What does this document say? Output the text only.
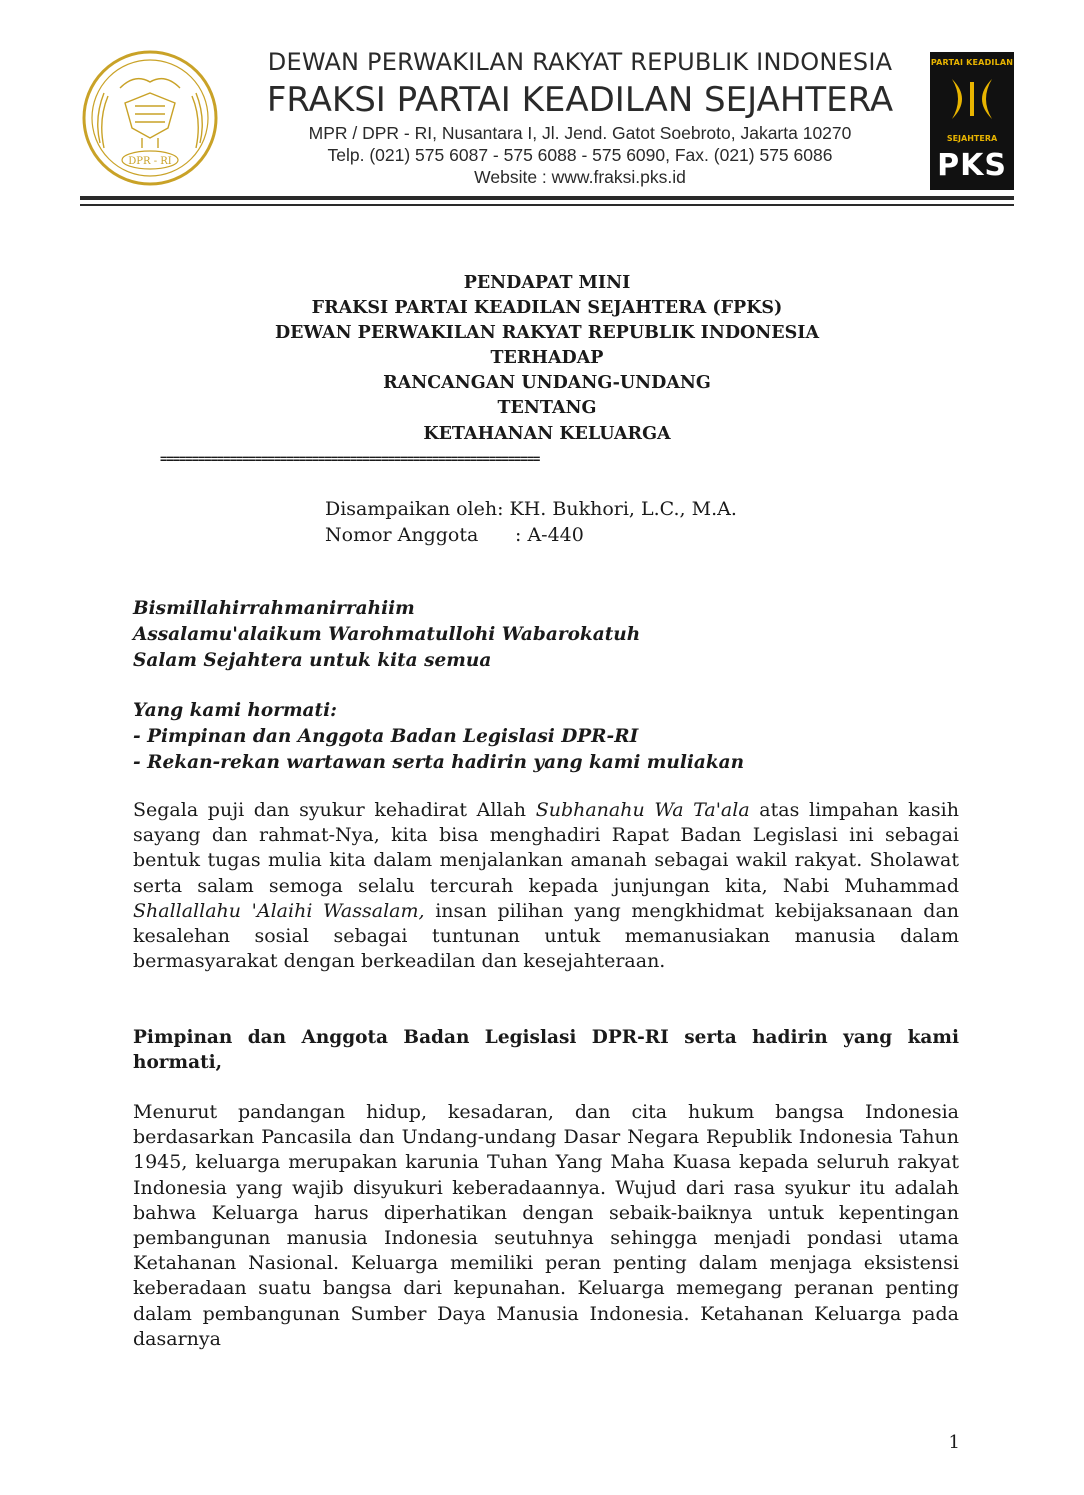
DPR - RI
DEWAN PERWAKILAN RAKYAT REPUBLIK INDONESIA
FRAKSI PARTAI KEADILAN SEJAHTERA
MPR / DPR - RI, Nusantara I, Jl. Jend. Gatot Soebroto, Jakarta 10270
Telp. (021) 575 6087 - 575 6088 - 575 6090, Fax. (021) 575 6086
Website : www.fraksi.pks.id
PARTAI KEADILAN
SEJAHTERA
PKS
PENDAPAT MINI
FRAKSI PARTAI KEADILAN SEJAHTERA (FPKS)
DEWAN PERWAKILAN RAKYAT REPUBLIK INDONESIA
TERHADAP
RANCANGAN UNDANG-UNDANG
TENTANG
KETAHANAN KELUARGA
============================================================
Disampaikan oleh: KH. Bukhori, L.C., M.A.
Nomor Anggota : A-440
Bismillahirrahmanirrahiim
Assalamu'alaikum Warohmatullohi Wabarokatuh
Salam Sejahtera untuk kita semua
Yang kami hormati:
- Pimpinan dan Anggota Badan Legislasi DPR-RI
- Rekan-rekan wartawan serta hadirin yang kami muliakan
Segala puji dan syukur kehadirat Allah Subhanahu Wa Ta'ala atas limpahan kasih sayang dan rahmat-Nya, kita bisa menghadiri Rapat Badan Legislasi ini sebagai bentuk tugas mulia kita dalam menjalankan amanah sebagai wakil rakyat. Sholawat serta salam semoga selalu tercurah kepada junjungan kita, Nabi Muhammad Shallallahu 'Alaihi Wassalam, insan pilihan yang mengkhidmat kebijaksanaan dan kesalehan sosial sebagai tuntunan untuk memanusiakan manusia dalam bermasyarakat dengan berkeadilan dan kesejahteraan.
Pimpinan dan Anggota Badan Legislasi DPR-RI serta hadirin yang kami hormati,
Menurut pandangan hidup, kesadaran, dan cita hukum bangsa Indonesia berdasarkan Pancasila dan Undang-undang Dasar Negara Republik Indonesia Tahun 1945, keluarga merupakan karunia Tuhan Yang Maha Kuasa kepada seluruh rakyat Indonesia yang wajib disyukuri keberadaannya. Wujud dari rasa syukur itu adalah bahwa Keluarga harus diperhatikan dengan sebaik-baiknya untuk kepentingan pembangunan manusia Indonesia seutuhnya sehingga menjadi pondasi utama Ketahanan Nasional. Keluarga memiliki peran penting dalam menjaga eksistensi keberadaan suatu bangsa dari kepunahan. Keluarga memegang peranan penting dalam pembangunan Sumber Daya Manusia Indonesia. Ketahanan Keluarga pada dasarnya
1
